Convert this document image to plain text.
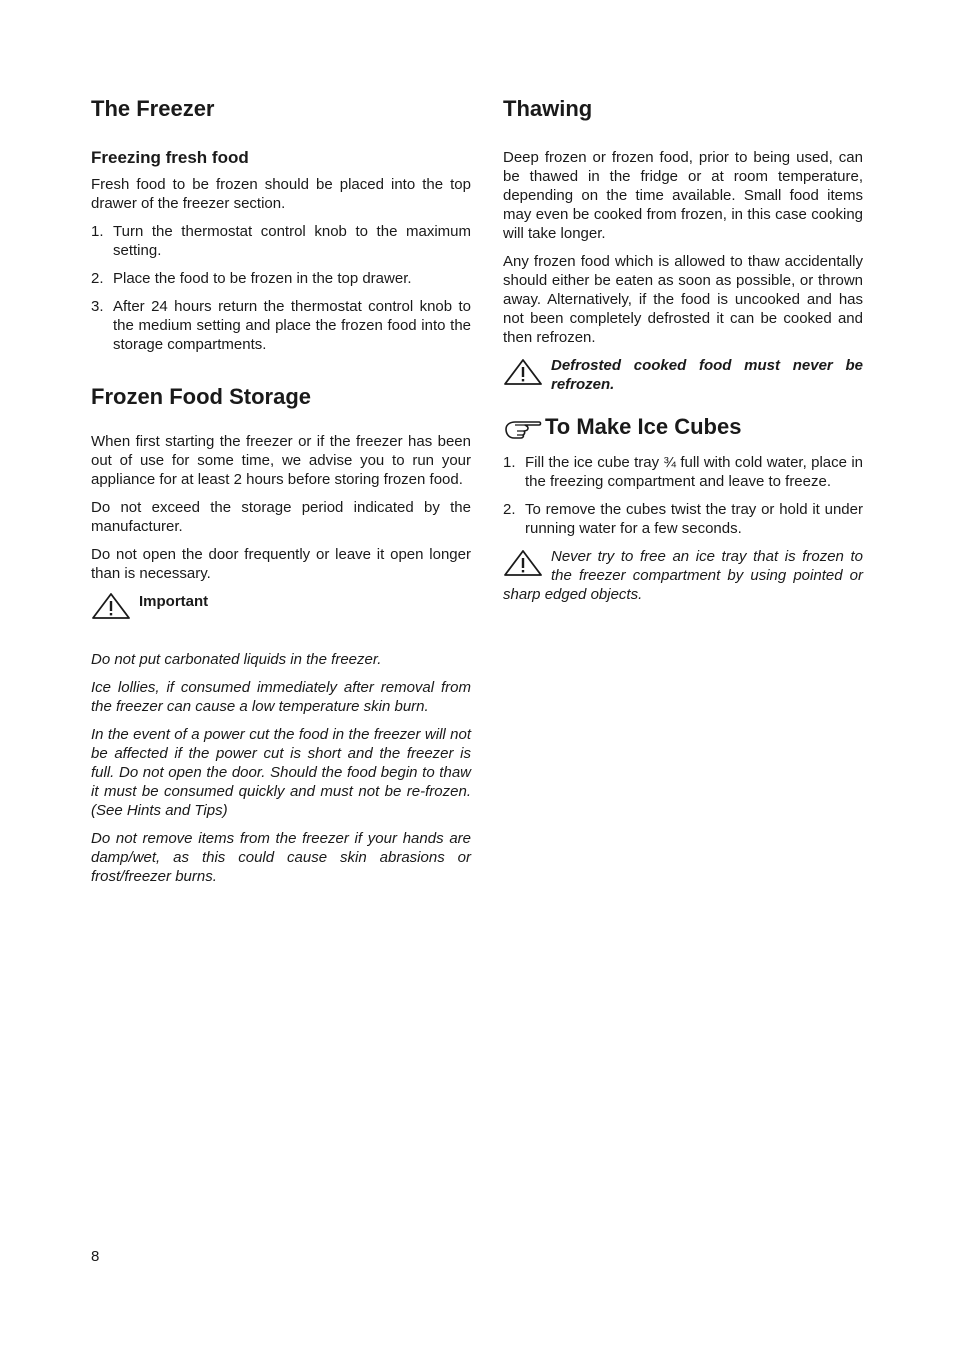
The Freezer
Freezing fresh food

Fresh food to be frozen should be placed into the top drawer of the freezer section.

1. Turn the thermostat control knob to the maximum setting.
2. Place the food to be frozen in the top drawer.
3. After 24 hours return the thermostat control knob to the medium setting and place the frozen food into the storage compartments.
Frozen Food Storage

When first starting the freezer or if the freezer has been out of use for some time, we advise you to run your appliance for at least 2 hours before storing frozen food.

Do not exceed the storage period indicated by the manufacturer.

Do not open the door frequently or leave it open longer than is necessary.

Important

Do not put carbonated liquids in the freezer.

Ice lollies, if consumed immediately after removal from the freezer can cause a low temperature skin burn.

In the event of a power cut the food in the freezer will not be affected if the power cut is short and the freezer is full. Do not open the door. Should the food begin to thaw it must be consumed quickly and must not be re-frozen. (See Hints and Tips)

Do not remove items from the freezer if your hands are damp/wet, as this could cause skin abrasions or frost/freezer burns.

Thawing

Deep frozen or frozen food, prior to being used, can be thawed in the fridge or at room temperature, depending on the time available. Small food items may even be cooked from frozen, in this case cooking will take longer.

Any frozen food which is allowed to thaw accidentally should either be eaten as soon as possible, or thrown away. Alternatively, if the food is uncooked and has not been completely defrosted it can be cooked and then refrozen.

Defrosted cooked food must never be refrozen.

To Make Ice Cubes
1. Fill the ice cube tray ¾ full with cold water, place in the freezing compartment and leave to freeze.
2. To remove the cubes twist the tray or hold it under running water for a few seconds.

Never try to free an ice tray that is frozen to the freezer compartment by using pointed or sharp edged objects.

8
